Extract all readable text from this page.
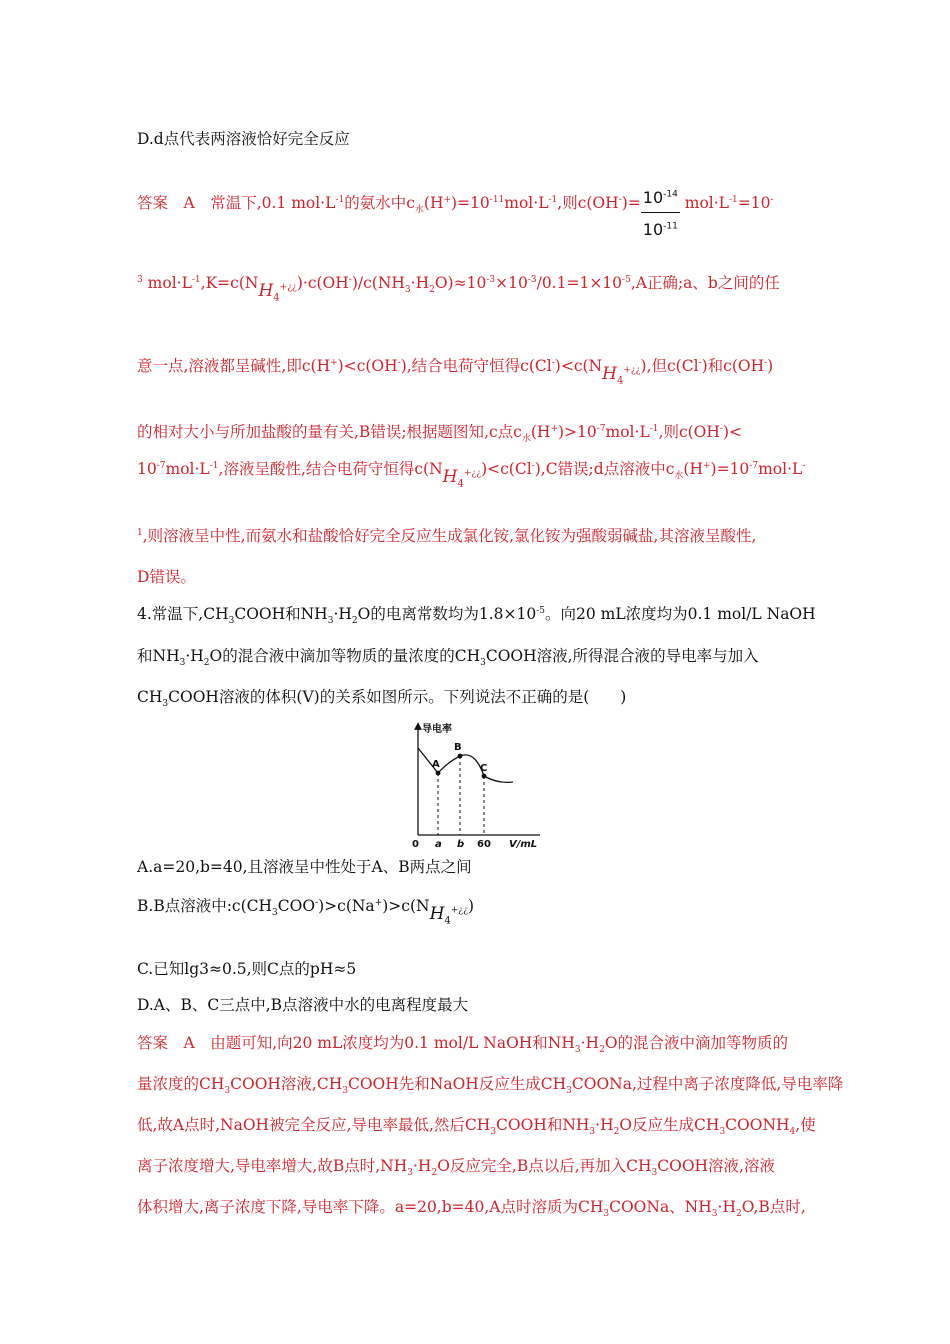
D.d点代表两溶液恰好完全反应
答案　A　常温下,0.1 $mol\cdot L^{-1}$的氨水中$c_水(H^+)=10^{-11}mol\cdot L^{-1}$,则$c(OH^-)= \frac{10^{-14}}{10^{-11}} mol\cdot L^{-1}=10^-$
$^3$ $mol\cdot L^{-1},K=c(NH_4^{+¿¿})\cdot c(OH^-)/c(NH_3\cdot H_2O)\approx 10^{-3}\times 10^{-3}/0.1=1\times 10^{-5},A$正确;a、b之间的任
意一点,溶液都呈碱性,即c(H+)<c(OH-),结合电荷守恒得$c(Cl^-)<c(NH_4^{+¿¿})$,但c(Cl-)和c(OH-)
的相对大小与所加盐酸的量有关,B错误;根据题图知,c点$c_水(H^+)>10^{-7}mol\cdot L^{-1}$,则c(OH-)<
$10^{-7}mol\cdot L^{-1}$,溶液呈酸性,结合电荷守恒得$c(NH_4^{+¿¿})<c(Cl^-),C$错误;d点溶液中$c_水(H^+)=10^{-7}mol\cdot L^-$
$^1$,则溶液呈中性,而氨水和盐酸恰好完全反应生成氯化铵,氯化铵为强酸弱碱盐,其溶液呈酸性,
D错误。
4.常温下$,CH_3COOH$和$NH_3\cdot H_2O$的电离常数均为$1.8\times 10^{-5}$。向20 mL浓度均为0.1 mol/L NaOH
和$NH_3\cdot H_2O$的混合液中滴加等物质的量浓度的$CH_3COOH$溶液,所得混合液的导电率与加入
$CH_3COOH$溶液的体积(V)的关系如图所示。下列说法不正确的是(　　)
导电率
A
B
C
0 a b 60 V/mL
A.a=20,b=40,且溶液呈中性处于A、B两点之间
B.B点溶液中$:c(CH_3COO^-)>c(Na^+)>c(NH_4^{+¿¿})$
C.已知lg3≈0.5,则C点的pH≈5
D.A、B、C三点中,B点溶液中水的电离程度最大
答案　A　由题可知,向20 mL浓度均为0.1 mol/L NaOH和$NH_3\cdot H_2O$的混合液中滴加等物质的
量浓度的$CH_3COOH$溶液$,CH_3COOH$先和NaOH反应生成$CH_3COONa$,过程中离子浓度降低,导电率降
低,故A点时,NaOH被完全反应,导电率最低,然后$CH_3COOH$和$NH_3\cdot H_2O$反应生成$CH_3COONH_4$,使
离子浓度增大,导电率增大,故B点时$,NH_3\cdot H_2O$反应完全,B点以后,再加入$CH_3COOH$溶液,溶液
体积增大,离子浓度下降,导电率下降。a=20,b=40,A点时溶质为$CH_3COONa$、$NH_3\cdot H_2O,B$点时,
